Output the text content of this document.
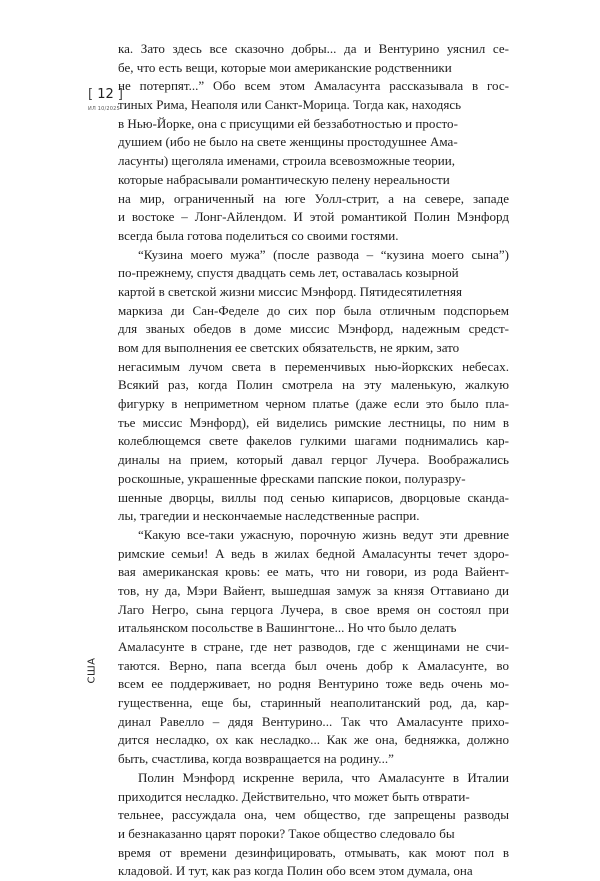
[ 12 ]
ИЛ 10/2025
США
ка. Зато здесь все сказочно добры... да и Вентурино уяснил се-
бе, что есть вещи, которые мои американские родственники
не потерпят...” Обо всем этом Амаласунта рассказывала в гос-
тиных Рима, Неаполя или Санкт-Морица. Тогда как, находясь
в Нью-Йорке, она с присущими ей беззаботностью и просто-
душием (ибо не было на свете женщины простодушнее Ама-
ласунты) щеголяла именами, строила всевозможные теории,
которые набрасывали романтическую пелену нереальности
на мир, ограниченный на юге Уолл-стрит, а на севере, западе
и востоке – Лонг-Айлендом. И этой романтикой Полин Мэнфорд
всегда была готова поделиться со своими гостями.
“Кузина моего мужа” (после развода – “кузина моего сына”)
по-прежнему, спустя двадцать семь лет, оставалась козырной
картой в светской жизни миссис Мэнфорд. Пятидесятилетняя
маркиза ди Сан-Феделе до сих пор была отличным подспорьем
для званых обедов в доме миссис Мэнфорд, надежным средст-
вом для выполнения ее светских обязательств, не ярким, зато
негасимым лучом света в переменчивых нью-йоркских небесах.
Всякий раз, когда Полин смотрела на эту маленькую, жалкую
фигурку в неприметном черном платье (даже если это было пла-
тье миссис Мэнфорд), ей виделись римские лестницы, по ним в
колеблющемся свете факелов гулкими шагами поднимались кар-
диналы на прием, который давал герцог Лучера. Воображались
роскошные, украшенные фресками папские покои, полуразру-
шенные дворцы, виллы под сенью кипарисов, дворцовые сканда-
лы, трагедии и нескончаемые наследственные распри.
“Какую все-таки ужасную, порочную жизнь ведут эти древние
римские семьи! А ведь в жилах бедной Амаласунты течет здоро-
вая американская кровь: ее мать, что ни говори, из рода Вайент-
тов, ну да, Мэри Вайент, вышедшая замуж за князя Оттавиано ди
Лаго Негро, сына герцога Лучера, в свое время он состоял при
итальянском посольстве в Вашингтоне... Но что было делать
Амаласунте в стране, где нет разводов, где с женщинами не счи-
таются. Верно, папа всегда был очень добр к Амаласунте, во
всем ее поддерживает, но родня Вентурино тоже ведь очень мо-
гущественна, еще бы, старинный неаполитанский род, да, кар-
динал Равелло – дядя Вентурино... Так что Амаласунте прихо-
дится несладко, ох как несладко... Как же она, бедняжка, должно
быть, счастлива, когда возвращается на родину...”
Полин Мэнфорд искренне верила, что Амаласунте в Италии
приходится несладко. Действительно, что может быть отврати-
тельнее, рассуждала она, чем общество, где запрещены разводы
и безнаказанно царят пороки? Такое общество следовало бы
время от времени дезинфицировать, отмывать, как моют пол в
кладовой. И тут, как раз когда Полин обо всем этом думала, она
